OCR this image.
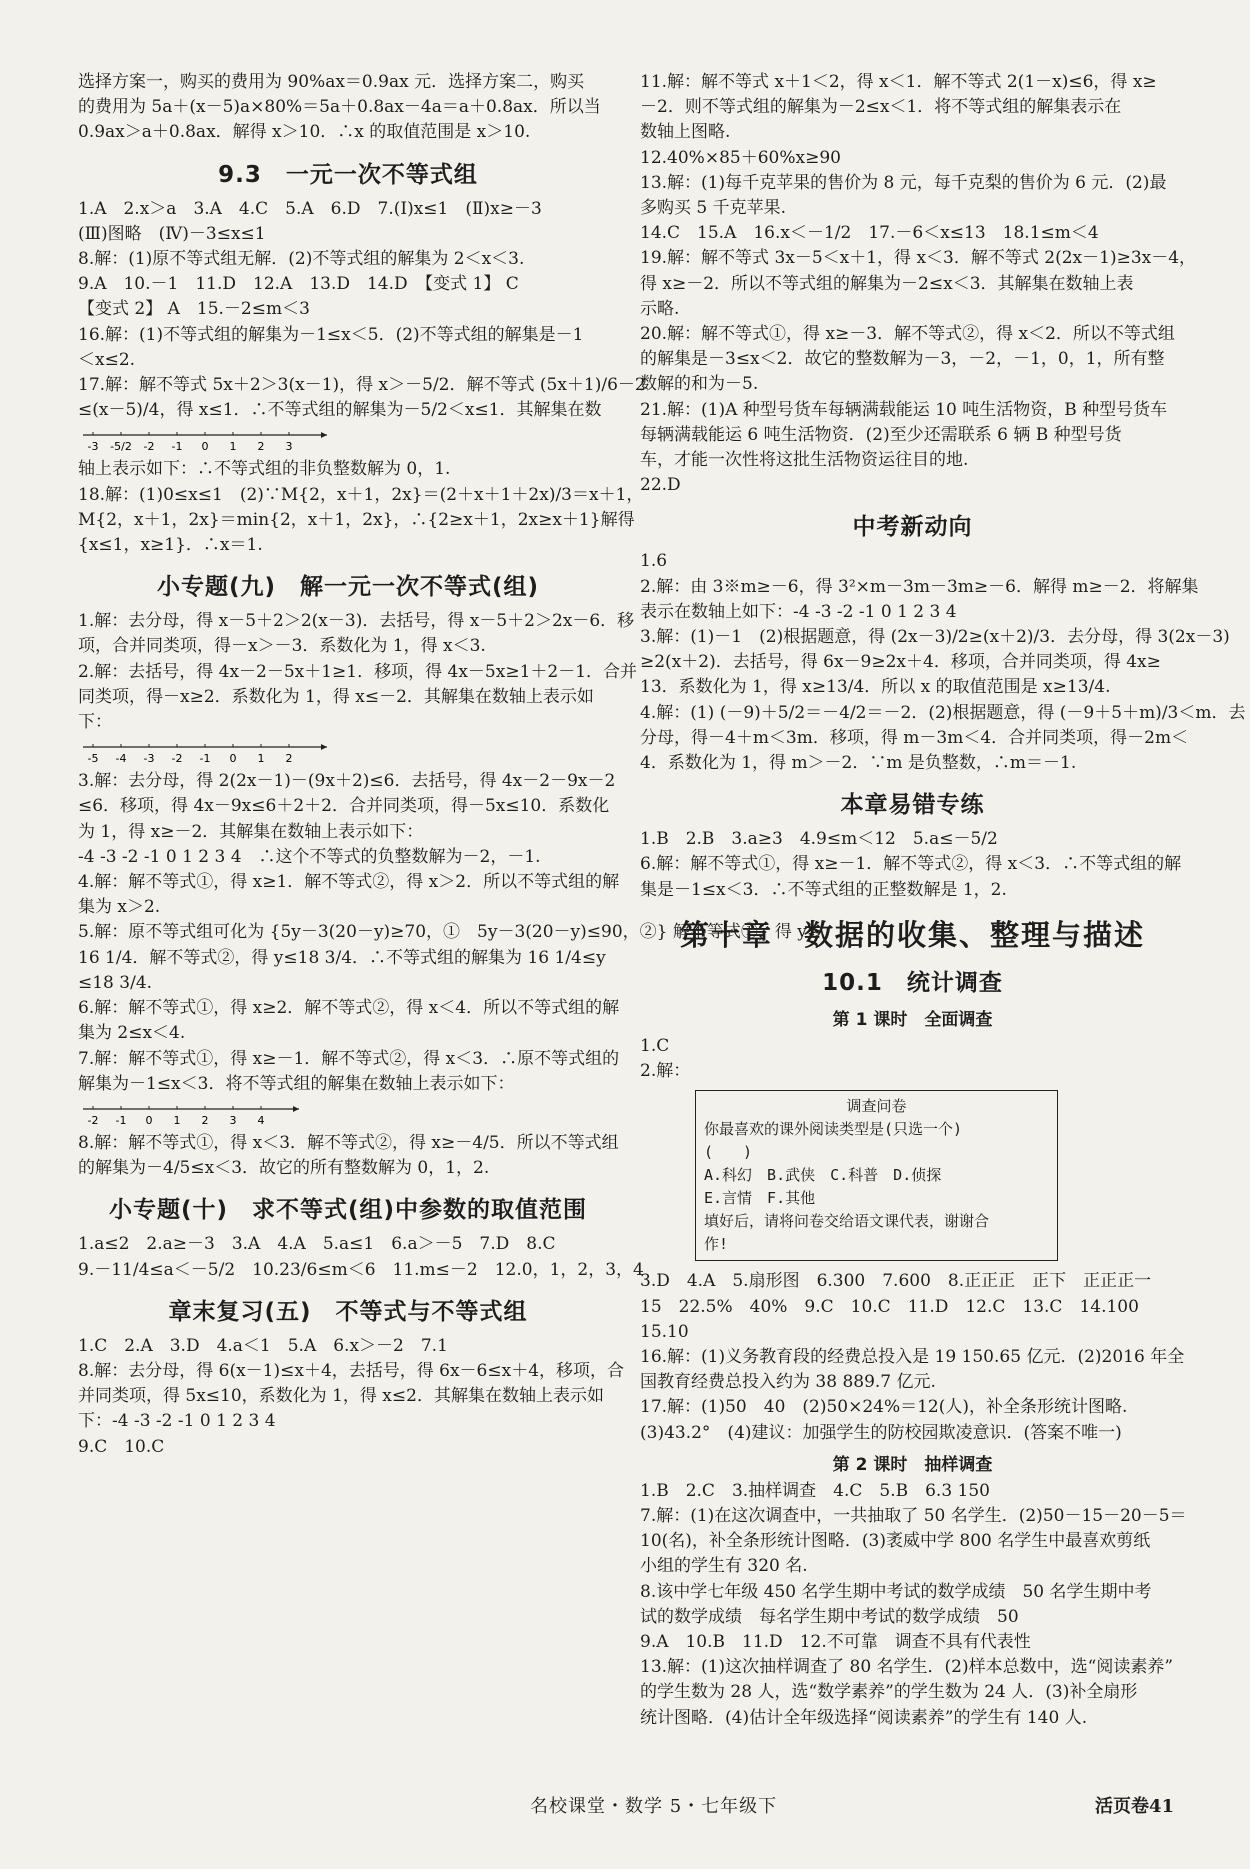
选择方案一，购买的费用为 90%ax＝0.9ax 元．选择方案二，购买

的费用为 5a＋(x－5)a×80%＝5a＋0.8ax－4a＝a＋0.8ax．所以当

0.9ax＞a＋0.8ax．解得 x＞10．∴x 的取值范围是 x＞10.

9.3　一元一次不等式组

1.A　2.x＞a　3.A　4.C　5.A　6.D　7.(Ⅰ)x≤1　(Ⅱ)x≥－3

(Ⅲ)图略　(Ⅳ)－3≤x≤1

8.解：(1)原不等式组无解．(2)不等式组的解集为 2＜x＜3.

9.A　10.－1　11.D　12.A　13.D　14.D　【变式 1】 C

【变式 2】 A　15.－2≤m＜3

16.解：(1)不等式组的解集为－1≤x＜5．(2)不等式组的解集是－1

＜x≤2.

17.解：解不等式 5x＋2＞3(x－1)，得 x＞－5/2．解不等式 (5x＋1)/6－2

≤(x－5)/4，得 x≤1．∴不等式组的解集为－5/2＜x≤1．其解集在数

-3 -5/2 -2 -1 0 1 2 3

轴上表示如下：∴不等式组的非负整数解为 0，1.

18.解：(1)0≤x≤1　(2)∵M{2，x＋1，2x}＝(2＋x＋1＋2x)/3＝x＋1，

M{2，x＋1，2x}＝min{2，x＋1，2x}，∴{2≥x＋1，2x≥x＋1}解得

{x≤1，x≥1}．∴x＝1.

小专题(九)　解一元一次不等式(组)

1.解：去分母，得 x－5＋2＞2(x－3)．去括号，得 x－5＋2＞2x－6．移

项，合并同类项，得－x＞－3．系数化为 1，得 x＜3.

2.解：去括号，得 4x－2－5x＋1≥1．移项，得 4x－5x≥1＋2－1．合并

同类项，得－x≥2．系数化为 1，得 x≤－2．其解集在数轴上表示如

下：

-5 -4 -3 -2 -1 0 1 2

3.解：去分母，得 2(2x－1)－(9x＋2)≤6．去括号，得 4x－2－9x－2

≤6．移项，得 4x－9x≤6＋2＋2．合并同类项，得－5x≤10．系数化

为 1，得 x≥－2．其解集在数轴上表示如下：

-4 -3 -2 -1 0 1 2 3 4　∴这个不等式的负整数解为－2，－1.

4.解：解不等式①，得 x≥1．解不等式②，得 x＞2．所以不等式组的解

集为 x＞2.

5.解：原不等式组可化为 {5y－3(20－y)≥70，①　5y－3(20－y)≤90，②} 解不等式①，得 y≥

16 1/4．解不等式②，得 y≤18 3/4．∴不等式组的解集为 16 1/4≤y

≤18 3/4.

6.解：解不等式①，得 x≥2．解不等式②，得 x＜4．所以不等式组的解

集为 2≤x＜4.

7.解：解不等式①，得 x≥－1．解不等式②，得 x＜3．∴原不等式组的

解集为－1≤x＜3．将不等式组的解集在数轴上表示如下：

-2 -1 0 1 2 3 4

8.解：解不等式①，得 x＜3．解不等式②，得 x≥－4/5．所以不等式组

的解集为－4/5≤x＜3．故它的所有整数解为 0，1，2.

小专题(十)　求不等式(组)中参数的取值范围

1.a≤2　2.a≥－3　3.A　4.A　5.a≤1　6.a＞－5　7.D　8.C

9.－11/4≤a＜－5/2　10.23/6≤m＜6　11.m≤－2　12.0，1，2，3，4

章末复习(五)　不等式与不等式组

1.C　2.A　3.D　4.a＜1　5.A　6.x＞－2　7.1

8.解：去分母，得 6(x－1)≤x＋4，去括号，得 6x－6≤x＋4，移项，合

并同类项，得 5x≤10，系数化为 1，得 x≤2．其解集在数轴上表示如

下：-4 -3 -2 -1 0 1 2 3 4

9.C　10.C

11.解：解不等式 x＋1＜2，得 x＜1．解不等式 2(1－x)≤6，得 x≥

－2．则不等式组的解集为－2≤x＜1．将不等式组的解集表示在

数轴上图略.

12.40%×85＋60%x≥90

13.解：(1)每千克苹果的售价为 8 元，每千克梨的售价为 6 元．(2)最

多购买 5 千克苹果.

14.C　15.A　16.x＜－1/2　17.－6＜x≤13　18.1≤m＜4

19.解：解不等式 3x－5＜x＋1，得 x＜3．解不等式 2(2x－1)≥3x－4，

得 x≥－2．所以不等式组的解集为－2≤x＜3．其解集在数轴上表

示略.

20.解：解不等式①，得 x≥－3．解不等式②，得 x＜2．所以不等式组

的解集是－3≤x＜2．故它的整数解为－3，－2，－1，0，1，所有整

数解的和为－5.

21.解：(1)A 种型号货车每辆满载能运 10 吨生活物资，B 种型号货车

每辆满载能运 6 吨生活物资．(2)至少还需联系 6 辆 B 种型号货

车，才能一次性将这批生活物资运往目的地.

22.D

中考新动向

1.6

2.解：由 3※m≥－6，得 3²×m－3m－3m≥－6．解得 m≥－2．将解集

表示在数轴上如下：-4 -3 -2 -1 0 1 2 3 4

3.解：(1)－1　(2)根据题意，得 (2x－3)/2≥(x＋2)/3．去分母，得 3(2x－3)

≥2(x＋2)．去括号，得 6x－9≥2x＋4．移项，合并同类项，得 4x≥

13．系数化为 1，得 x≥13/4．所以 x 的取值范围是 x≥13/4.

4.解：(1) (－9)＋5/2＝－4/2＝－2．(2)根据题意，得 (－9＋5＋m)/3＜m．去

分母，得－4＋m＜3m．移项，得 m－3m＜4．合并同类项，得－2m＜

4．系数化为 1，得 m＞－2．∵m 是负整数，∴m＝－1.

本章易错专练

1.B　2.B　3.a≥3　4.9≤m＜12　5.a≤－5/2

6.解：解不等式①，得 x≥－1．解不等式②，得 x＜3．∴不等式组的解

集是－1≤x＜3．∴不等式组的正整数解是 1，2.

第十章　数据的收集、整理与描述

10.1　统计调查

第 1 课时　全面调查

1.C

2.解：

调查问卷
你最喜欢的课外阅读类型是(只选一个)
(　　)
A.科幻　B.武侠　C.科普　D.侦探
E.言情　F.其他
填好后，请将问卷交给语文课代表，谢谢合
作!

3.D　4.A　5.扇形图　6.300　7.600　8.正正正　正下　正正正一

15　22.5%　40%　9.C　10.C　11.D　12.C　13.C　14.100

15.10

16.解：(1)义务教育段的经费总投入是 19 150.65 亿元．(2)2016 年全

国教育经费总投入约为 38 889.7 亿元.

17.解：(1)50　40　(2)50×24%＝12(人)，补全条形统计图略.

(3)43.2°　(4)建议：加强学生的防校园欺凌意识．(答案不唯一)

第 2 课时　抽样调查

1.B　2.C　3.抽样调查　4.C　5.B　6.3 150

7.解：(1)在这次调查中，一共抽取了 50 名学生．(2)50－15－20－5＝

10(名)，补全条形统计图略．(3)袤威中学 800 名学生中最喜欢剪纸

小组的学生有 320 名.

8.该中学七年级 450 名学生期中考试的数学成绩　50 名学生期中考

试的数学成绩　每名学生期中考试的数学成绩　50

9.A　10.B　11.D　12.不可靠　调查不具有代表性

13.解：(1)这次抽样调查了 80 名学生．(2)样本总数中，选“阅读素养”

的学生数为 28 人，选“数学素养”的学生数为 24 人．(3)补全扇形

统计图略．(4)估计全年级选择“阅读素养”的学生有 140 人.

名校课堂・数学 5・七年级下	活页卷41
